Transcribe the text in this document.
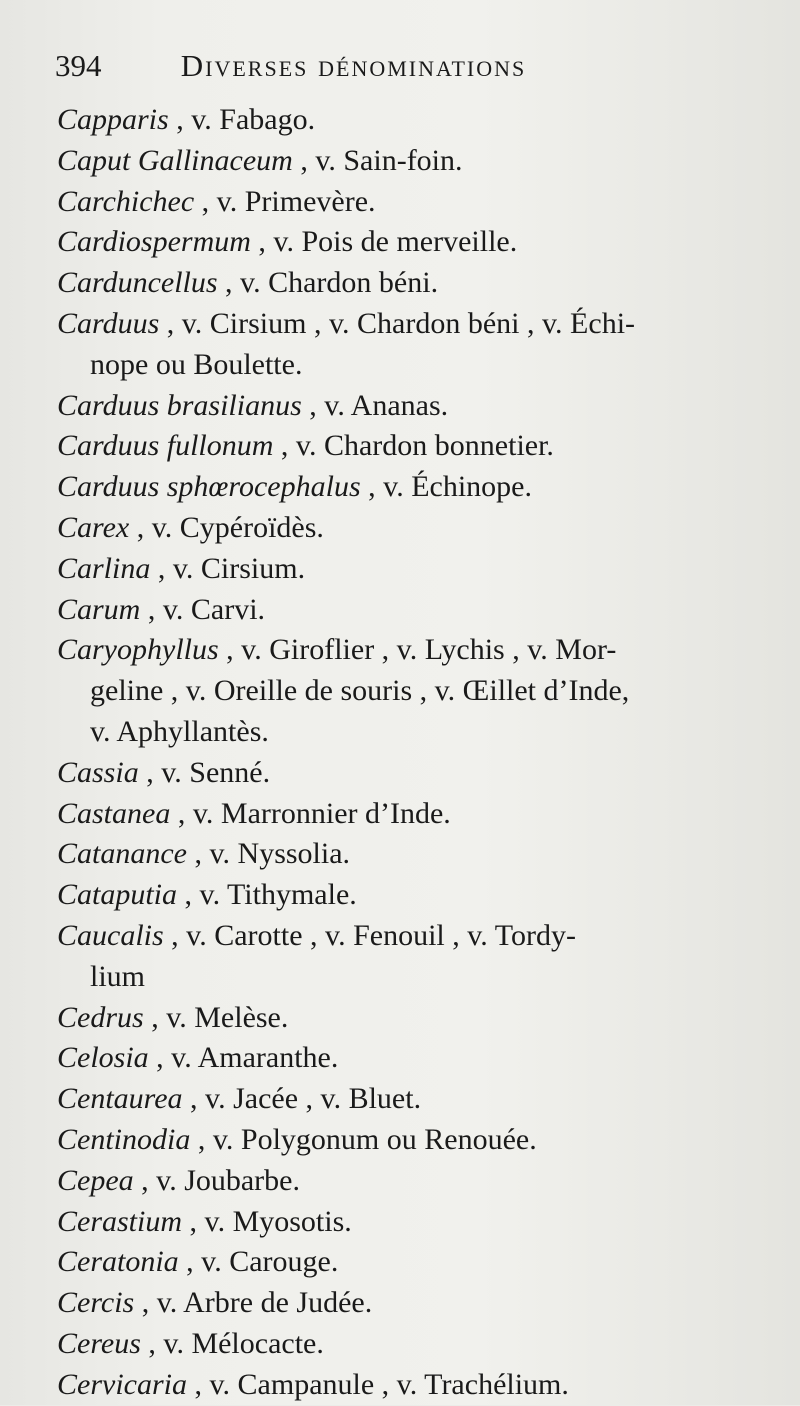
394	Diverses dénominations
Capparis , v. Fabago.
Caput Gallinaceum , v. Sain-foin.
Carchichec , v. Primevère.
Cardiospermum , v. Pois de merveille.
Carduncellus , v. Chardon béni.
Carduus , v. Cirsium , v. Chardon béni , v. Échi-
nope ou Boulette.
Carduus brasilianus , v. Ananas.
Carduus fullonum , v. Chardon bonnetier.
Carduus sphœrocephalus , v. Échinope.
Carex , v. Cypéroïdès.
Carlina , v. Cirsium.
Carum , v. Carvi.
Caryophyllus , v. Giroflier , v. Lychis , v. Mor-
geline , v. Oreille de souris , v. Œillet d’Inde,
v. Aphyllantès.
Cassia , v. Senné.
Castanea , v. Marronnier d’Inde.
Catanance , v. Nyssolia.
Cataputia , v. Tithymale.
Caucalis , v. Carotte , v. Fenouil , v. Tordy-
lium
Cedrus , v. Melèse.
Celosia , v. Amaranthe.
Centaurea , v. Jacée , v. Bluet.
Centinodia , v. Polygonum ou Renouée.
Cepea , v. Joubarbe.
Cerastium , v. Myosotis.
Ceratonia , v. Carouge.
Cercis , v. Arbre de Judée.
Cereus , v. Mélocacte.
Cervicaria , v. Campanule , v. Trachélium.
